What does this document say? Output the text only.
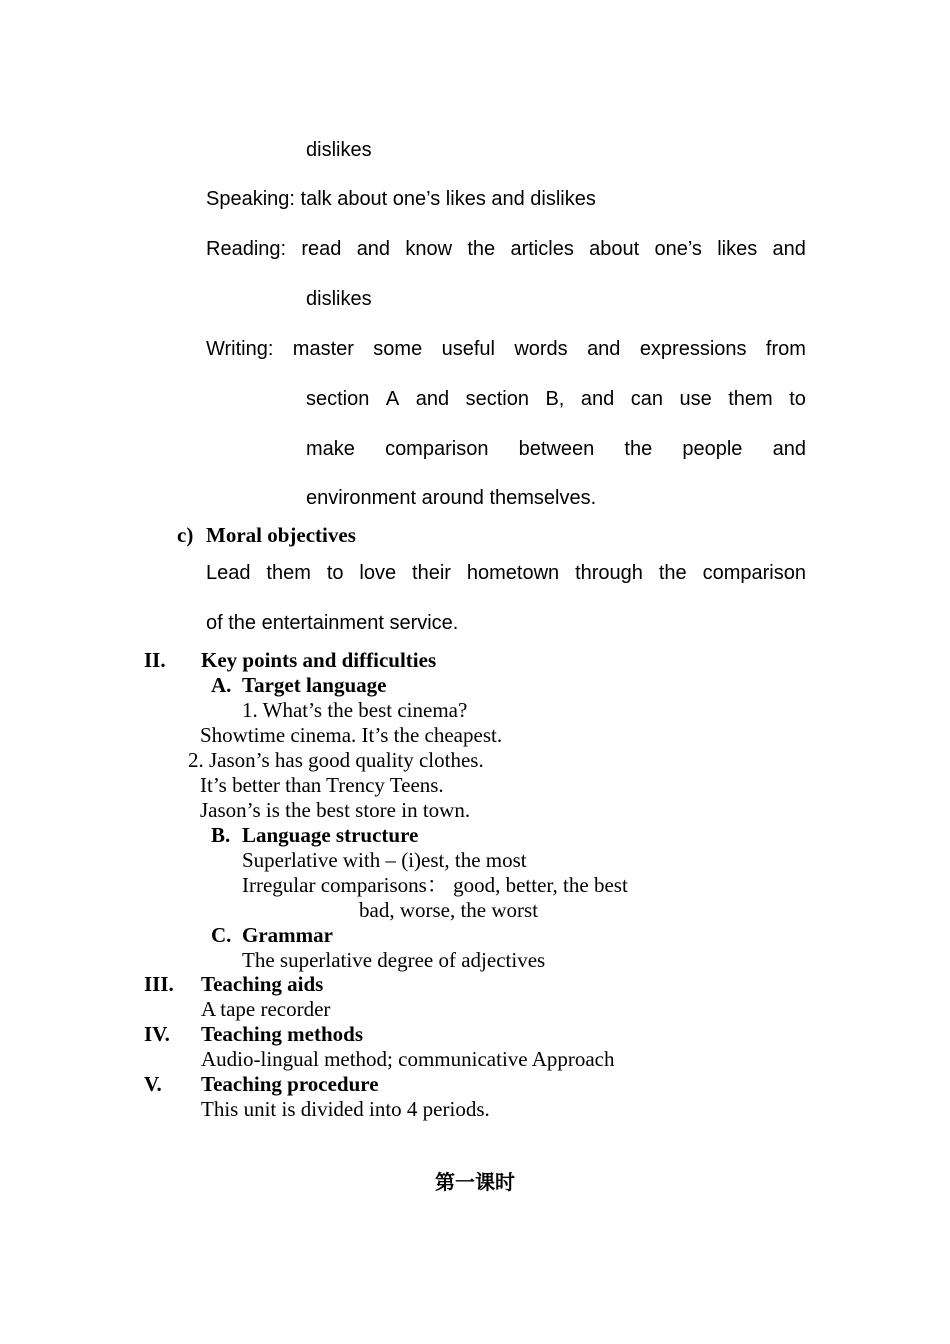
dislikes
Speaking: talk about one’s likes and dislikes
Reading: read and know the articles about one’s likes and
dislikes
Writing: master some useful words and expressions from
section A and section B, and can use them to
make comparison between the people and
environment around themselves.
c) Moral objectives
Lead them to love their hometown through the comparison
of the entertainment service.
II. Key points and difficulties
A. Target language
1. What’s the best cinema?
Showtime cinema. It’s the cheapest.
2. Jason’s has good quality clothes.
It’s better than Trency Teens.
Jason’s is the best store in town.
B. Language structure
Superlative with – (i)est, the most
Irregular comparisons： good, better, the best
bad, worse, the worst
C. Grammar
The superlative degree of adjectives
III. Teaching aids
A tape recorder
IV. Teaching methods
Audio-lingual method; communicative Approach
V. Teaching procedure
This unit is divided into 4 periods.
第一课时
